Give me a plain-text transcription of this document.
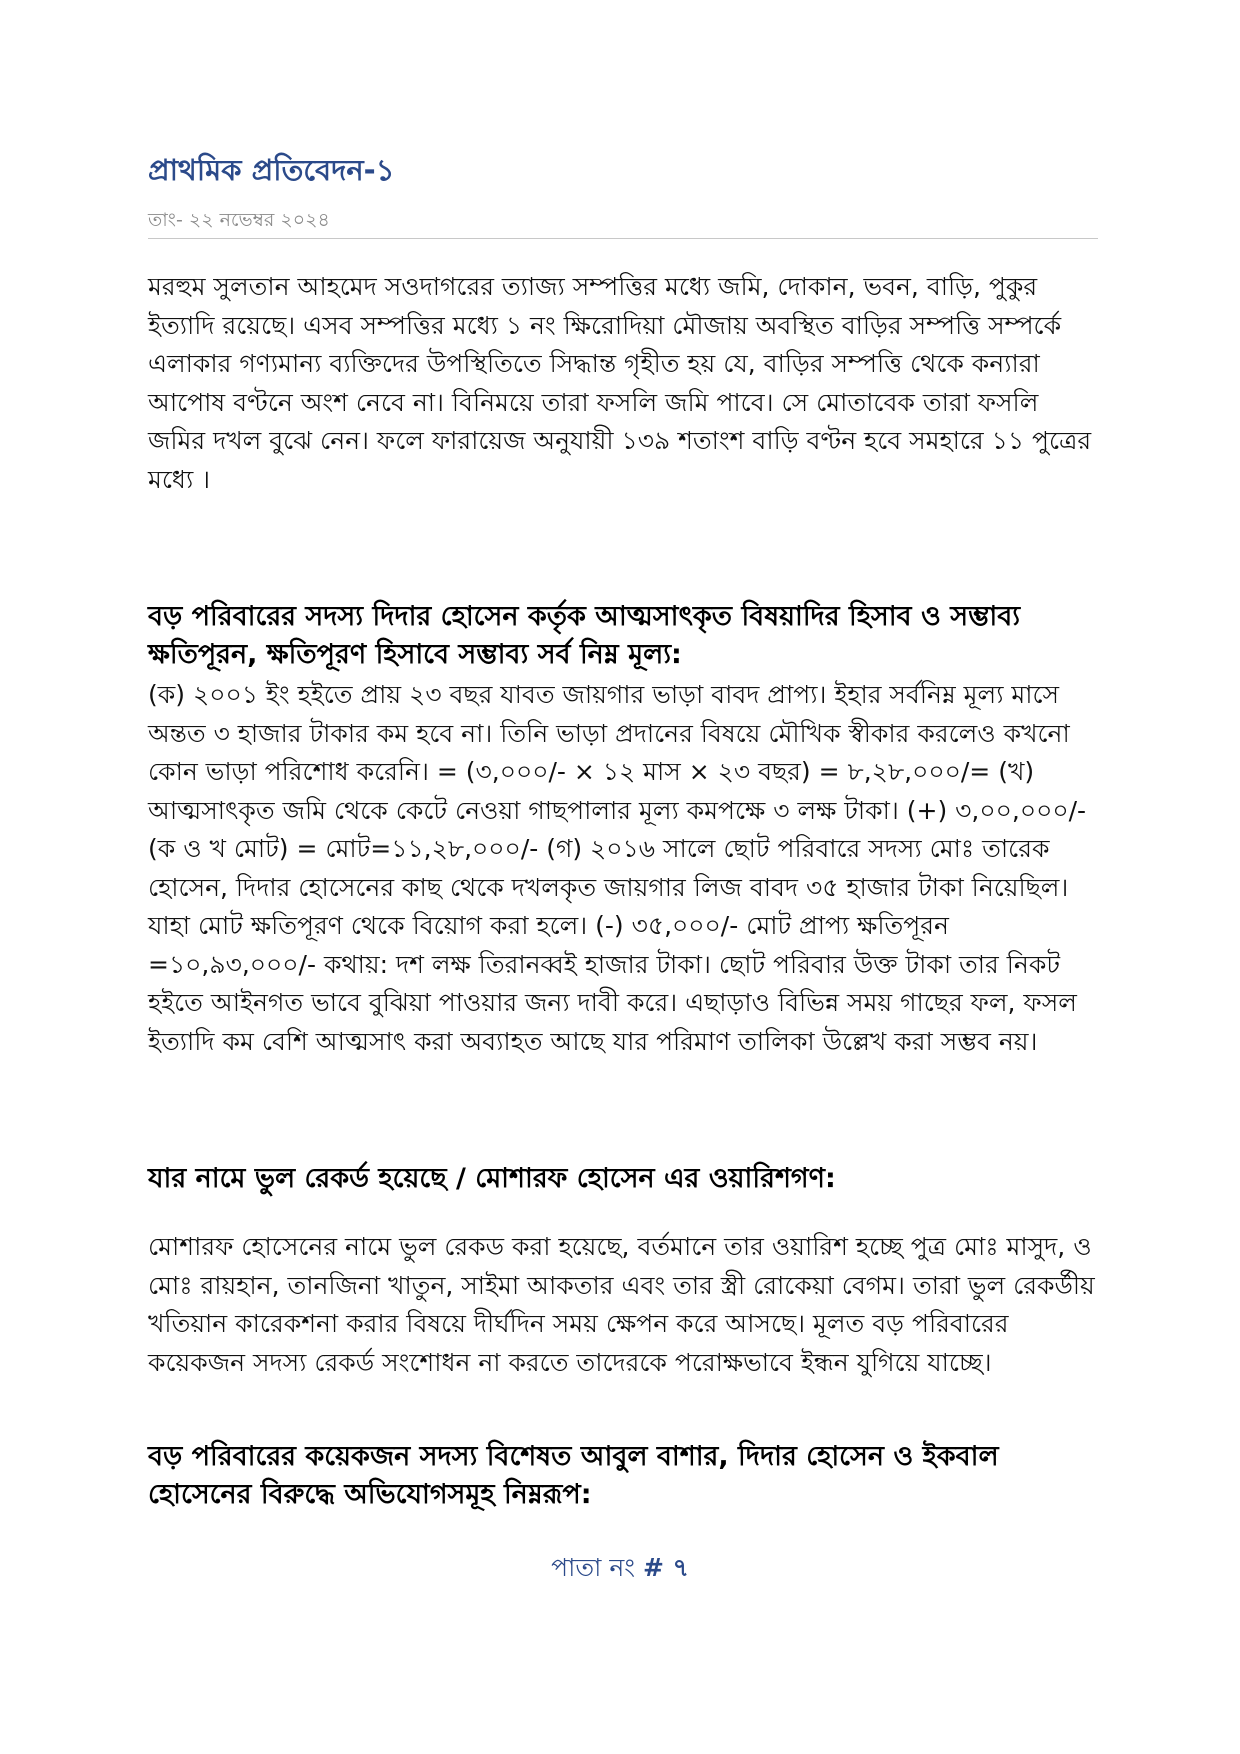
প্রাথমিক প্রতিবেদন-১

তাং- ২২ নভেম্বর ২০২৪

মরহুম সুলতান আহমেদ সওদাগরের ত্যাজ্য সম্পত্তির মধ্যে জমি, দোকান, ভবন, বাড়ি, পুকুর ইত্যাদি রয়েছে। এসব সম্পত্তির মধ্যে ১ নং ক্ষিরোদিয়া মৌজায় অবস্থিত বাড়ির সম্পত্তি সম্পর্কে এলাকার গণ্যমান্য ব্যক্তিদের উপস্থিতিতে সিদ্ধান্ত গৃহীত হয় যে, বাড়ির সম্পত্তি থেকে কন্যারা আপোষ বণ্টনে অংশ নেবে না। বিনিময়ে তারা ফসলি জমি পাবে। সে মোতাবেক তারা ফসলি জমির দখল বুঝে নেন। ফলে ফারায়েজ অনুযায়ী ১৩৯ শতাংশ বাড়ি বণ্টন হবে সমহারে ১১ পুত্রের মধ্যে ।

বড় পরিবারের সদস্য দিদার হোসেন কর্তৃক আত্মসাৎকৃত বিষয়াদির হিসাব ও সম্ভাব্য ক্ষতিপূরন, ক্ষতিপূরণ হিসাবে সম্ভাব্য সর্ব নিম্ন মূল্য:

(ক) ২০০১ ইং হইতে প্রায় ২৩ বছর যাবত জায়গার ভাড়া বাবদ প্রাপ্য। ইহার সর্বনিম্ন মূল্য মাসে অন্তত ৩ হাজার টাকার কম হবে না। তিনি ভাড়া প্রদানের বিষয়ে মৌখিক স্বীকার করলেও কখনো কোন ভাড়া পরিশোধ করেনি। = (৩,০০০/- × ১২ মাস × ২৩ বছর) = ৮,২৮,০০০/= (খ) আত্মসাৎকৃত জমি থেকে কেটে নেওয়া গাছপালার মূল্য কমপক্ষে ৩ লক্ষ টাকা। (+) ৩,০০,০০০/- (ক ও খ মোট) = মোট=১১,২৮,০০০/- (গ) ২০১৬ সালে ছোট পরিবারে সদস্য মোঃ তারেক হোসেন, দিদার হোসেনের কাছ থেকে দখলকৃত জায়গার লিজ বাবদ ৩৫ হাজার টাকা নিয়েছিল। যাহা মোট ক্ষতিপূরণ থেকে বিয়োগ করা হলে। (-) ৩৫,০০০/- মোট প্রাপ্য ক্ষতিপূরন =১০,৯৩,০০০/- কথায়: দশ লক্ষ তিরানব্বই হাজার টাকা। ছোট পরিবার উক্ত টাকা তার নিকট হইতে আইনগত ভাবে বুঝিয়া পাওয়ার জন্য দাবী করে। এছাড়াও বিভিন্ন সময় গাছের ফল, ফসল ইত্যাদি কম বেশি আত্মসাৎ করা অব্যাহত আছে যার পরিমাণ তালিকা উল্লেখ করা সম্ভব নয়।

যার নামে ভুল রেকর্ড হয়েছে / মোশারফ হোসেন এর ওয়ারিশগণ:

মোশারফ হোসেনের নামে ভুল রেকড করা হয়েছে, বর্তমানে তার ওয়ারিশ হচ্ছে পুত্র মোঃ মাসুদ, ও মোঃ রায়হান, তানজিনা খাতুন, সাইমা আকতার এবং তার স্ত্রী রোকেয়া বেগম। তারা ভুল রেকর্ডীয় খতিয়ান কারেকশনা করার বিষয়ে দীর্ঘদিন সময় ক্ষেপন করে আসছে। মূলত বড় পরিবারের কয়েকজন সদস্য রেকর্ড সংশোধন না করতে তাদেরকে পরোক্ষভাবে ইন্ধন যুগিয়ে যাচ্ছে।

বড় পরিবারের কয়েকজন সদস্য বিশেষত আবুল বাশার, দিদার হোসেন ও ইকবাল হোসেনের বিরুদ্ধে অভিযোগসমূহ নিম্নরূপ:
পাতা নং # ৭
